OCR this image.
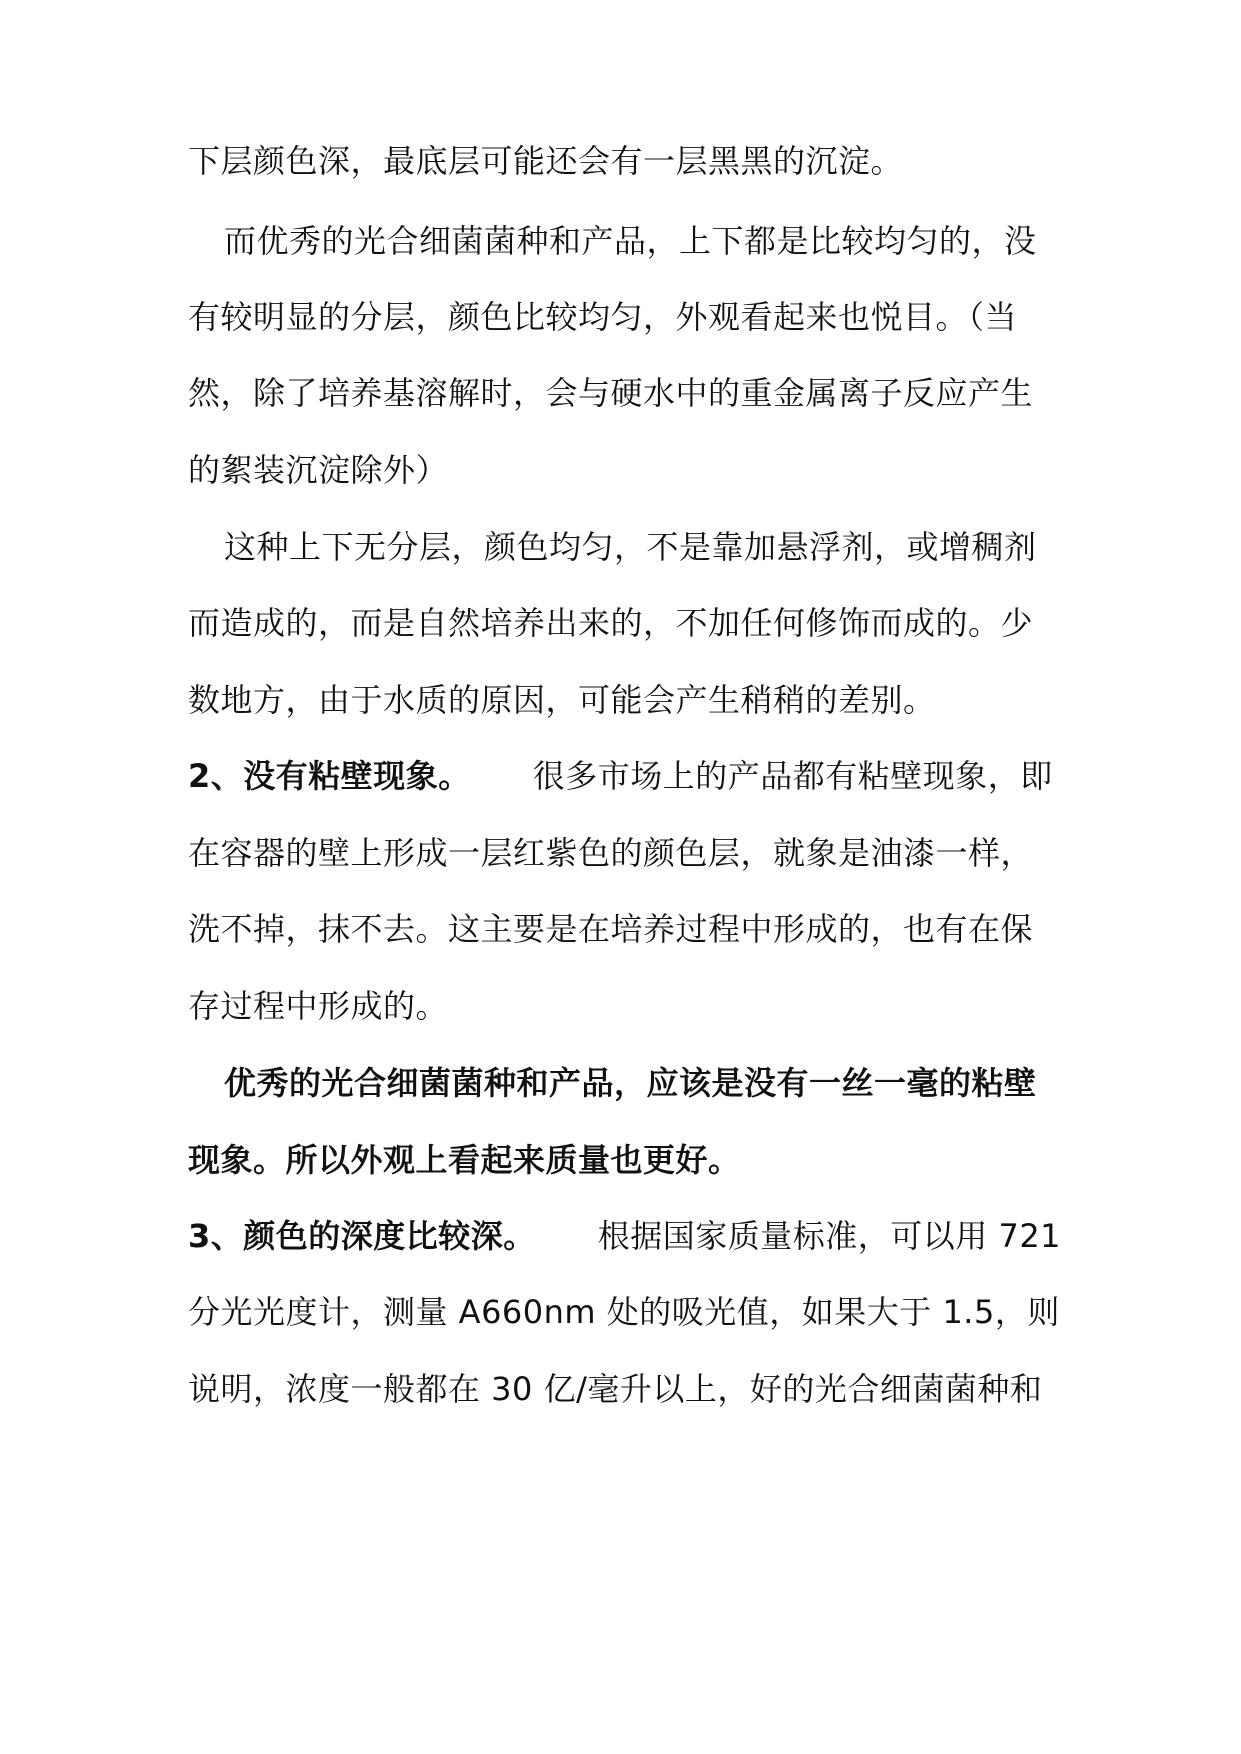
下层颜色深，最底层可能还会有一层黑黑的沉淀。
而优秀的光合细菌菌种和产品，上下都是比较均匀的，没
有较明显的分层，颜色比较均匀，外观看起来也悦目。（当
然，除了培养基溶解时，会与硬水中的重金属离子反应产生
的絮装沉淀除外）
这种上下无分层，颜色均匀，不是靠加悬浮剂，或增稠剂
而造成的，而是自然培养出来的，不加任何修饰而成的。少
数地方，由于水质的原因，可能会产生稍稍的差别。
2、没有粘壁现象。 很多市场上的产品都有粘壁现象，即
在容器的壁上形成一层红紫色的颜色层，就象是油漆一样，
洗不掉，抹不去。这主要是在培养过程中形成的，也有在保
存过程中形成的。
优秀的光合细菌菌种和产品，应该是没有一丝一毫的粘壁
现象。所以外观上看起来质量也更好。
3、颜色的深度比较深。 根据国家质量标准，可以用 721
分光光度计，测量 A660nm 处的吸光值，如果大于 1.5，则
说明，浓度一般都在 30 亿/毫升以上，好的光合细菌菌种和
